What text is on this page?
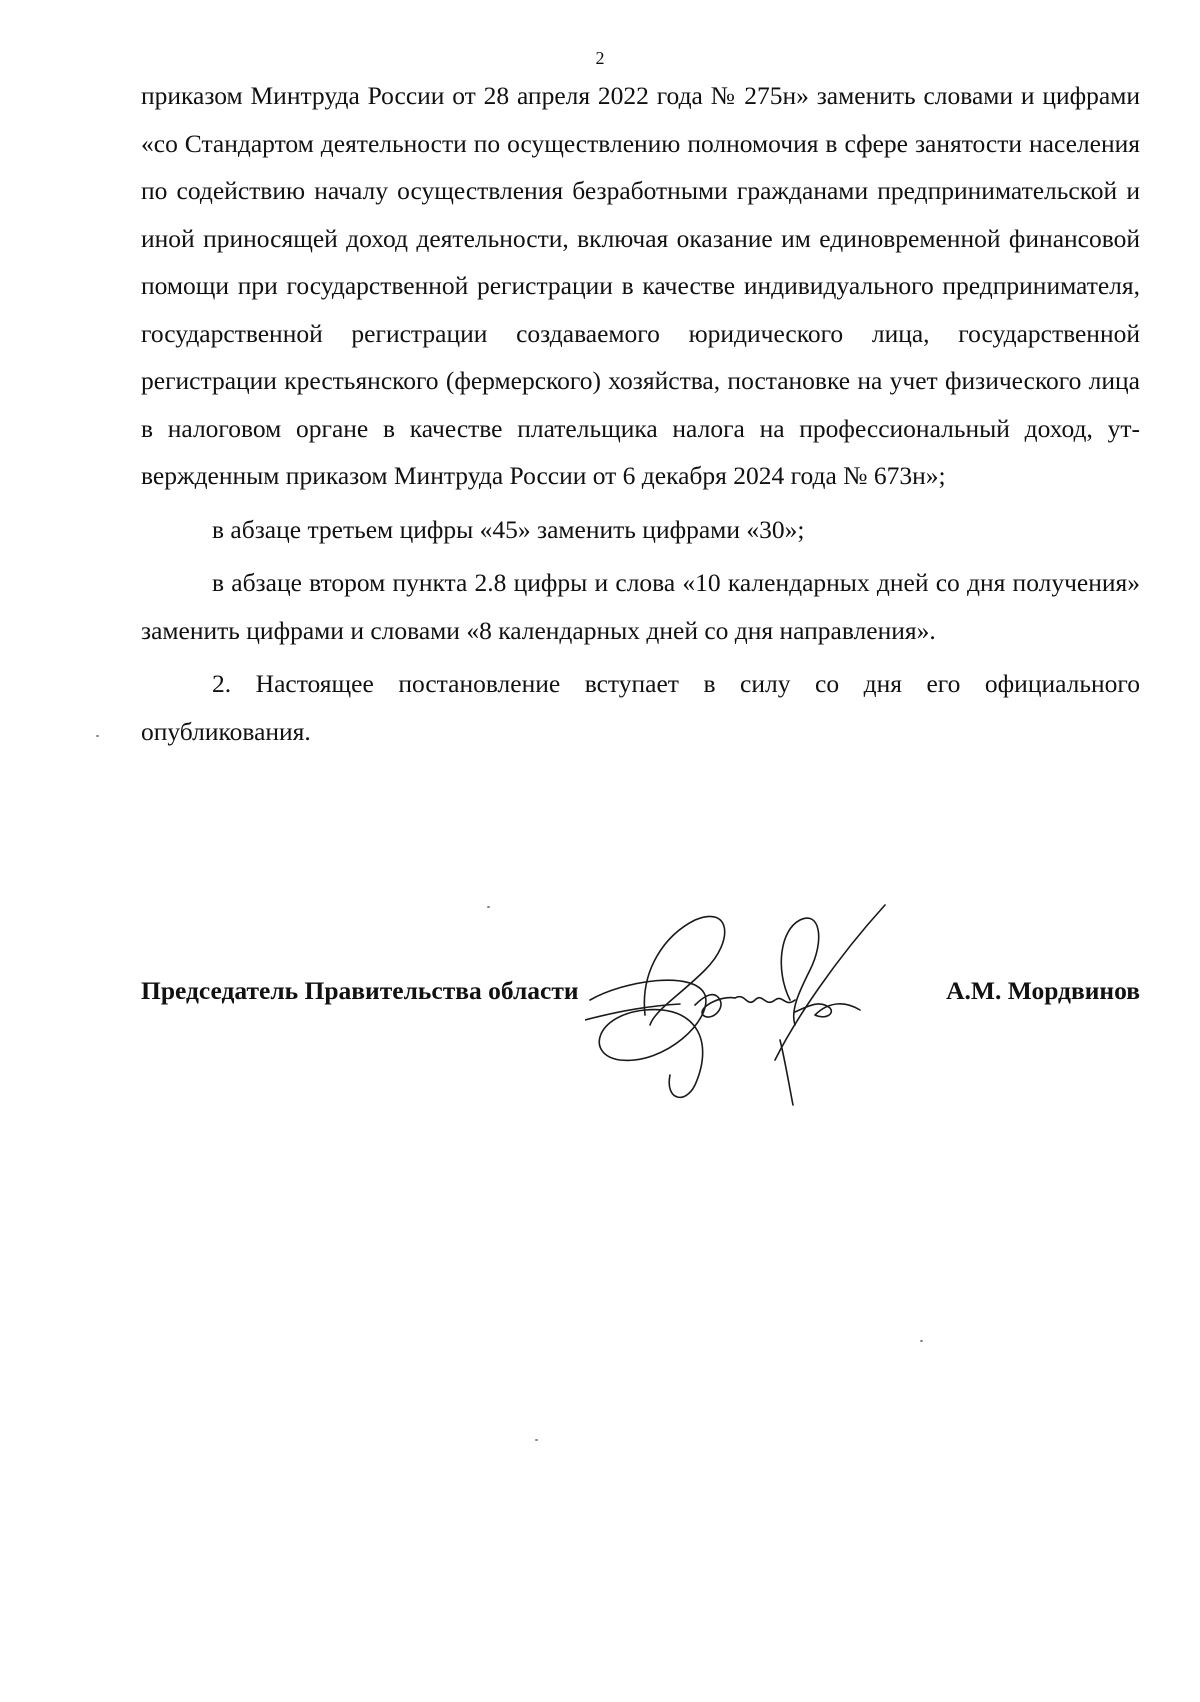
2

приказом Минтруда России от 28 апреля 2022 года № 275н» заменить словами и цифрами «со Стандартом деятельности по осуществлению полномочия в сфере занятости населения по содействию началу осуществления безработными гражданами предпринимательской и иной приносящей доход деятельности, включая оказание им единовременной финансовой помощи при государственной регистрации в качестве индивидуального предпринимателя, государственной регистрации создаваемого юридического лица, государственной регистрации крестьянского (фермерского) хозяйства, постановке на учет физического лица в налоговом органе в качестве плательщика налога на профессиональный доход, утвержденным приказом Минтруда России от 6 декабря 2024 года № 673н»;

в абзаце третьем цифры «45» заменить цифрами «30»;

в абзаце втором пункта 2.8 цифры и слова «10 календарных дней со дня получения» заменить цифрами и словами «8 календарных дней со дня направления».

2. Настоящее постановление вступает в силу со дня его официального опубликования.

Председатель Правительства области	А.М. Мордвинов
